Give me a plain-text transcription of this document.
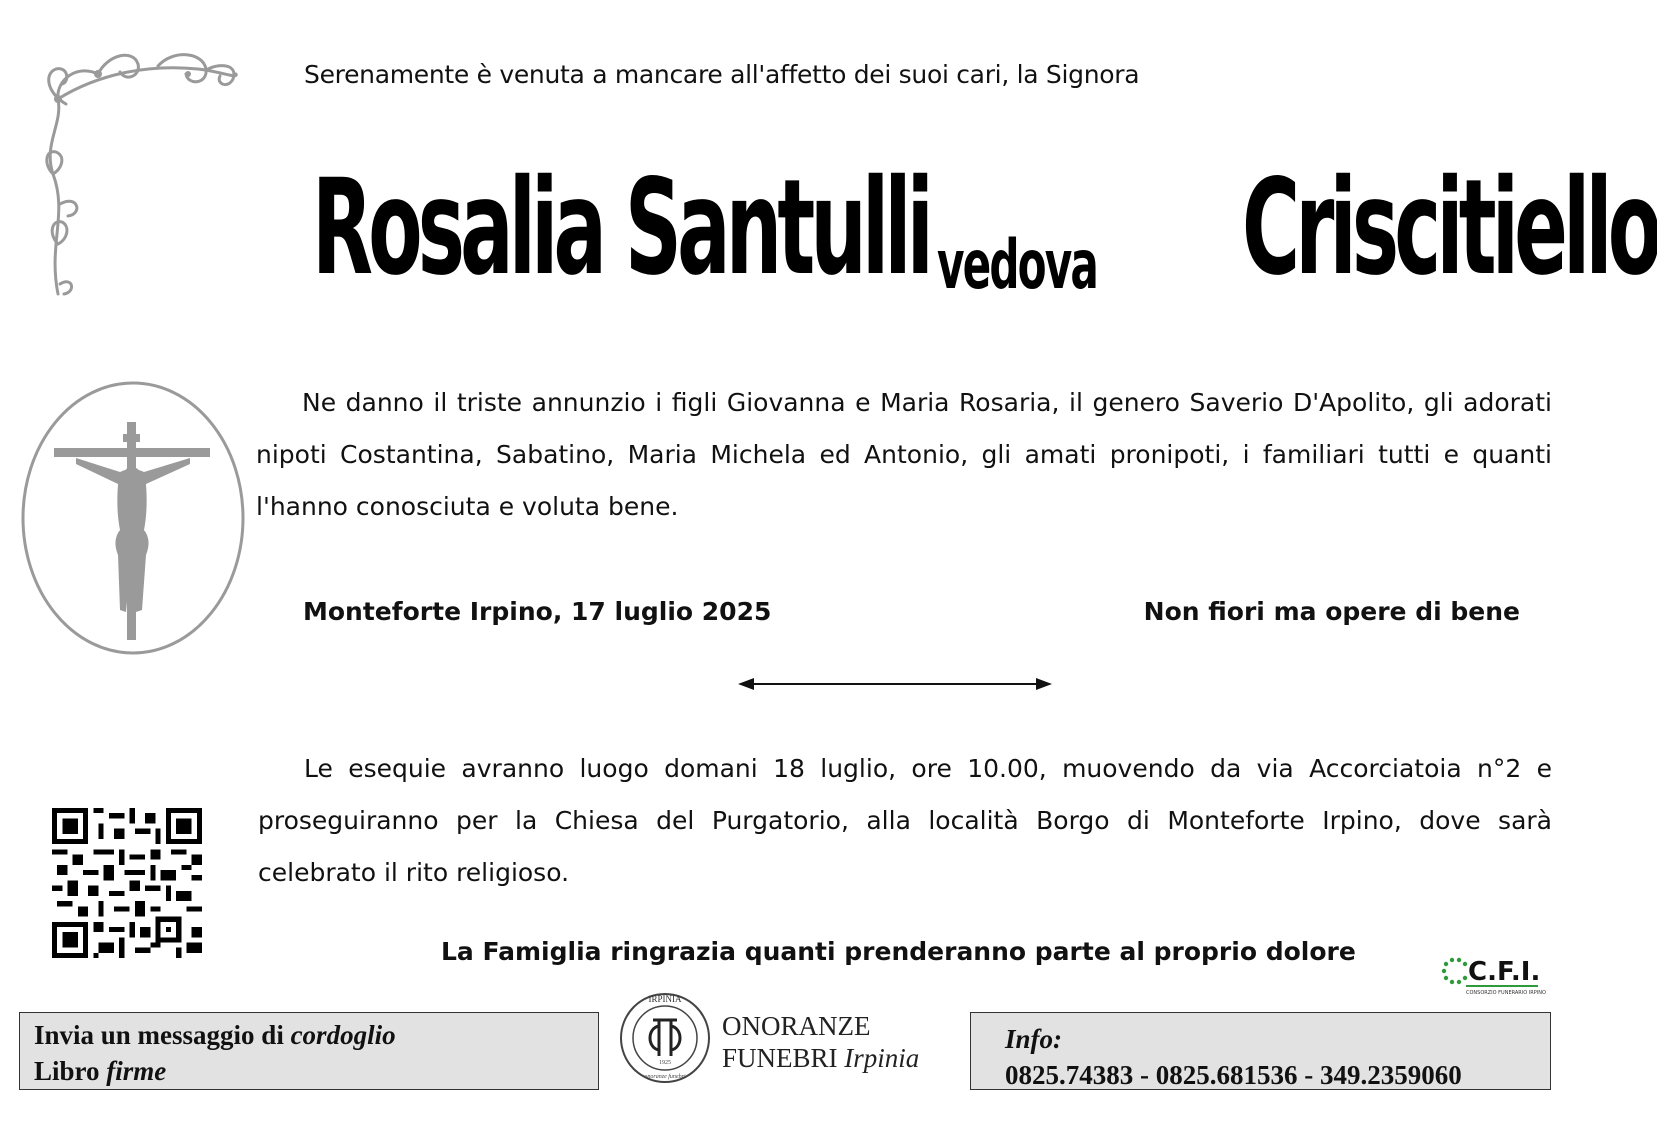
Serenamente è venuta a mancare all'affetto dei suoi cari, la Signora
Rosalia Santulli vedova Criscitiello
Ne danno il triste annunzio i figli Giovanna e Maria Rosaria, il genero Saverio D'Apolito, gli adorati nipoti Costantina, Sabatino, Maria Michela ed Antonio, gli amati pronipoti, i familiari tutti e quanti l'hanno conosciuta e voluta bene.
Monteforte Irpino, 17 luglio 2025	Non fiori ma opere di bene
Le esequie avranno luogo domani 18 luglio, ore 10.00, muovendo da via Accorciatoia n°2 e proseguiranno per la Chiesa del Purgatorio, alla località Borgo di Monteforte Irpino, dove sarà celebrato il rito religioso.
La Famiglia ringrazia quanti prenderanno parte al proprio dolore
C.F.I.
CONSORZIO FUNERARIO IRPINO
Invia un messaggio di cordoglio
Libro firme
IRPINIA
1925
onoranze funebri
ONORANZE
FUNEBRI Irpinia
Info:
0825.74383 - 0825.681536 - 349.2359060
